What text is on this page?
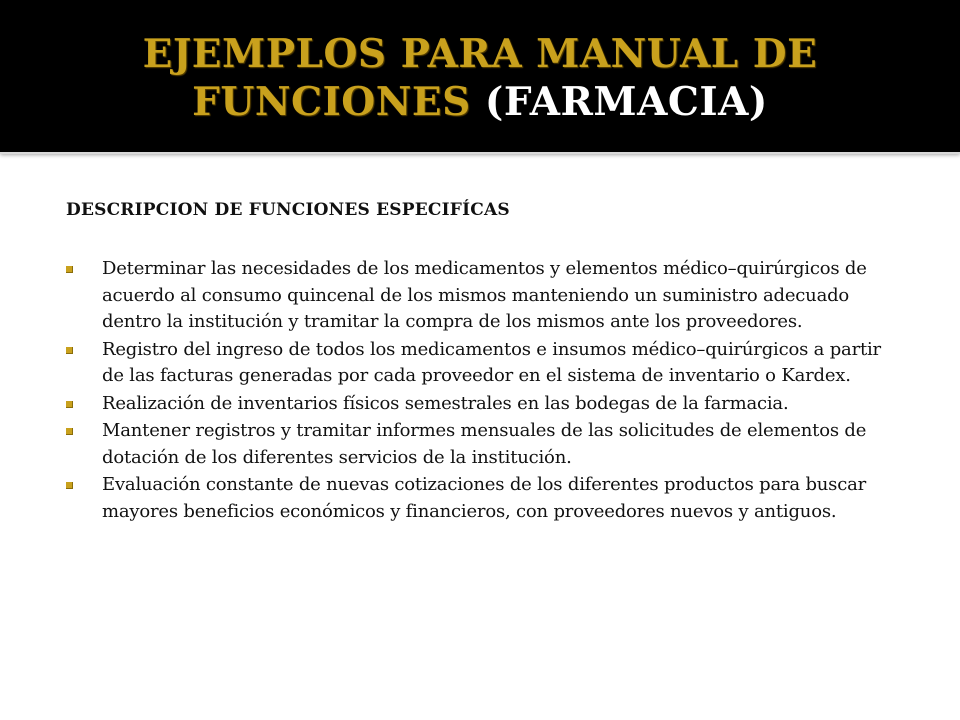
EJEMPLOS PARA MANUAL DE FUNCIONES (FARMACIA)

DESCRIPCION DE FUNCIONES ESPECIFÍCAS

Determinar las necesidades de los medicamentos y elementos médico–quirúrgicos de acuerdo al consumo quincenal de los mismos manteniendo un suministro adecuado dentro la institución y tramitar la compra de los mismos ante los proveedores.
Registro del ingreso de todos los medicamentos e insumos médico–quirúrgicos a partir de las facturas generadas por cada proveedor en el sistema de inventario o Kardex.
Realización de inventarios físicos semestrales en las bodegas de la farmacia.
Mantener registros y tramitar informes mensuales de las solicitudes de elementos de dotación de los diferentes servicios de la institución.
Evaluación constante de nuevas cotizaciones de los diferentes productos para buscar mayores beneficios económicos y financieros, con proveedores nuevos y antiguos.
